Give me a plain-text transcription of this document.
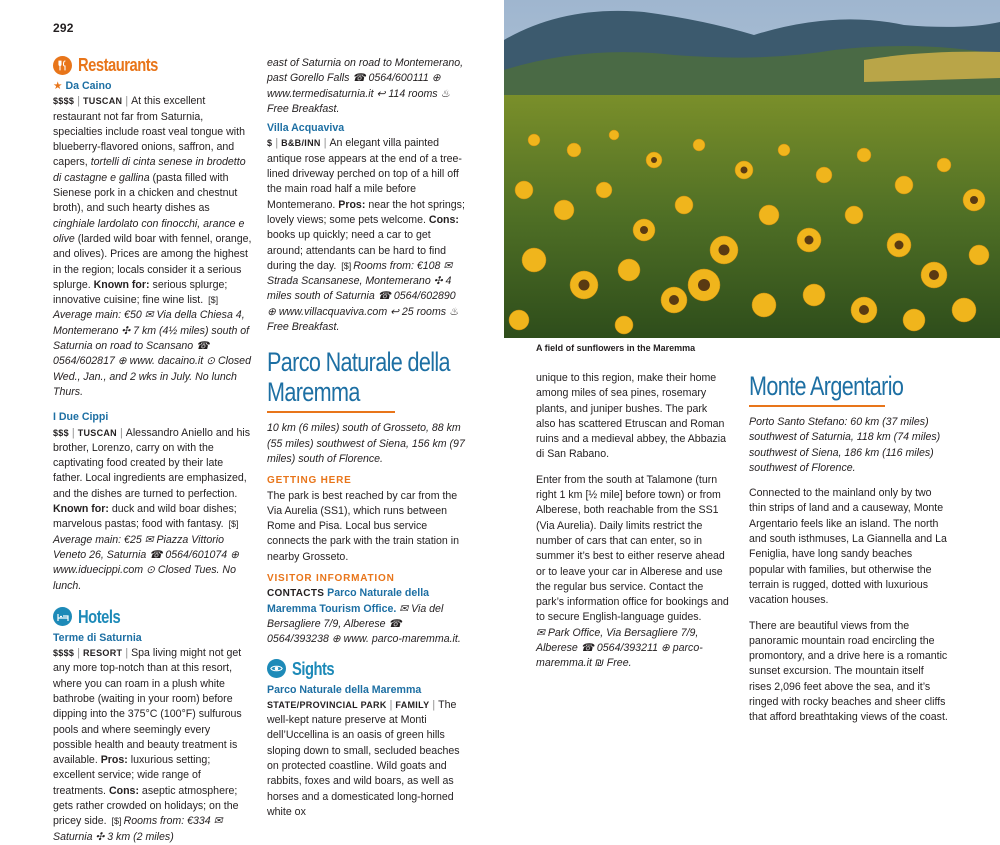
292
Restaurants
★ Da Caino

$$$$ | TUSCAN | At this excellent restaurant not far from Saturnia, specialties include roast veal tongue with blueberry-flavored onions, saffron, and capers, tortelli di cinta senese in brodetto di castagne e gallina (pasta filled with Sienese pork in a chicken and chestnut broth), and such hearty dishes as cinghiale lardolato con finocchi, arance e olive (larded wild boar with fennel, orange, and olives). Prices are among the highest in the region; locals consider it a serious splurge. Known for: serious splurge; innovative cuisine; fine wine list. [$]Average main: €50 ✉ Via della Chiesa 4, Montemerano ✣ 7 km (4½ miles) south of Saturnia on road to Scansano ☎ 0564/602817 ⊕ www. dacaino.it ⊙ Closed Wed., Jan., and 2 wks in July. No lunch Thurs.

I Due Cippi

$$$ | TUSCAN | Alessandro Aniello and his brother, Lorenzo, carry on with the captivating food created by their late father. Local ingredients are emphasized, and the dishes are turned to perfection. Known for: duck and wild boar dishes; marvelous pastas; food with fantasy. [$]Average main: €25 ✉ Piazza Vittorio Veneto 26, Saturnia ☎ 0564/601074 ⊕ www.iduecippi.com ⊙ Closed Tues. No lunch.

Hotels
Terme di Saturnia

$$$$ | RESORT | Spa living might not get any more top-notch than at this resort, where you can roam in a plush white bathrobe (waiting in your room) before dipping into the 375°C (100°F) sulfurous pools and where seemingly every possible health and beauty treatment is available. Pros: luxurious setting; excellent service; wide range of treatments. Cons: aseptic atmosphere; gets rather crowded on holidays; on the pricey side. [$] Rooms from: €334 ✉ Saturnia ✣ 3 km (2 miles)

east of Saturnia on road to Montemerano, past Gorello Falls ☎ 0564/600111 ⊕ www.termedisaturnia.it ↩ 114 rooms ♨ Free Breakfast.

Villa Acquaviva

$ | B&B/INN | An elegant villa painted antique rose appears at the end of a tree-lined driveway perched on top of a hill off the main road half a mile before Montemerano. Pros: near the hot springs; lovely views; some pets welcome. Cons: books up quickly; need a car to get around; attendants can be hard to find during the day. [$] Rooms from: €108 ✉ Strada Scansanese, Montemerano ✣ 4 miles south of Saturnia ☎ 0564/602890 ⊕ www.villacquaviva.com ↩ 25 rooms ♨ Free Breakfast.

Parco Naturale della Maremma

10 km (6 miles) south of Grosseto, 88 km (55 miles) southwest of Siena, 156 km (97 miles) south of Florence.

GETTING HERE

The park is best reached by car from the Via Aurelia (SS1), which runs between Rome and Pisa. Local bus service connects the park with the train station in nearby Grosseto.

VISITOR INFORMATION

CONTACTS Parco Naturale della Maremma Tourism Office. ✉ Via del Bersagliere 7/9, Alberese ☎ 0564/393238 ⊕ www. parco-maremma.it.

Sights
Parco Naturale della Maremma

STATE/PROVINCIAL PARK | FAMILY | The well-kept nature preserve at Monti dell’Uccellina is an oasis of green hills sloping down to small, secluded beaches on protected coastline. Wild goats and rabbits, foxes and wild boars, as well as horses and a domesticated long-horned white ox

A field of sunflowers in the Maremma

unique to this region, make their home among miles of sea pines, rosemary plants, and juniper bushes. The park also has scattered Etruscan and Roman ruins and a medieval abbey, the Abbazia di San Rabano.

Enter from the south at Talamone (turn right 1 km [½ mile] before town) or from Alberese, both reachable from the SS1 (Via Aurelia). Daily limits restrict the number of cars that can enter, so in summer it’s best to either reserve ahead or to leave your car in Alberese and use the regular bus service. Contact the park’s information office for bookings and to secure English-language guides.

✉ Park Office, Via Bersagliere 7/9, Alberese ☎ 0564/393211 ⊕ parco-maremma.it ₪ Free.

Monte Argentario

Porto Santo Stefano: 60 km (37 miles) southwest of Saturnia, 118 km (74 miles) southwest of Siena, 186 km (116 miles) southwest of Florence.

Connected to the mainland only by two thin strips of land and a causeway, Monte Argentario feels like an island. The north and south isthmuses, La Giannella and La Feniglia, have long sandy beaches popular with families, but otherwise the terrain is rugged, dotted with luxurious vacation houses.

There are beautiful views from the panoramic mountain road encircling the promontory, and a drive here is a romantic sunset excursion. The mountain itself rises 2,096 feet above the sea, and it’s ringed with rocky beaches and sheer cliffs that afford breathtaking views of the coast.
